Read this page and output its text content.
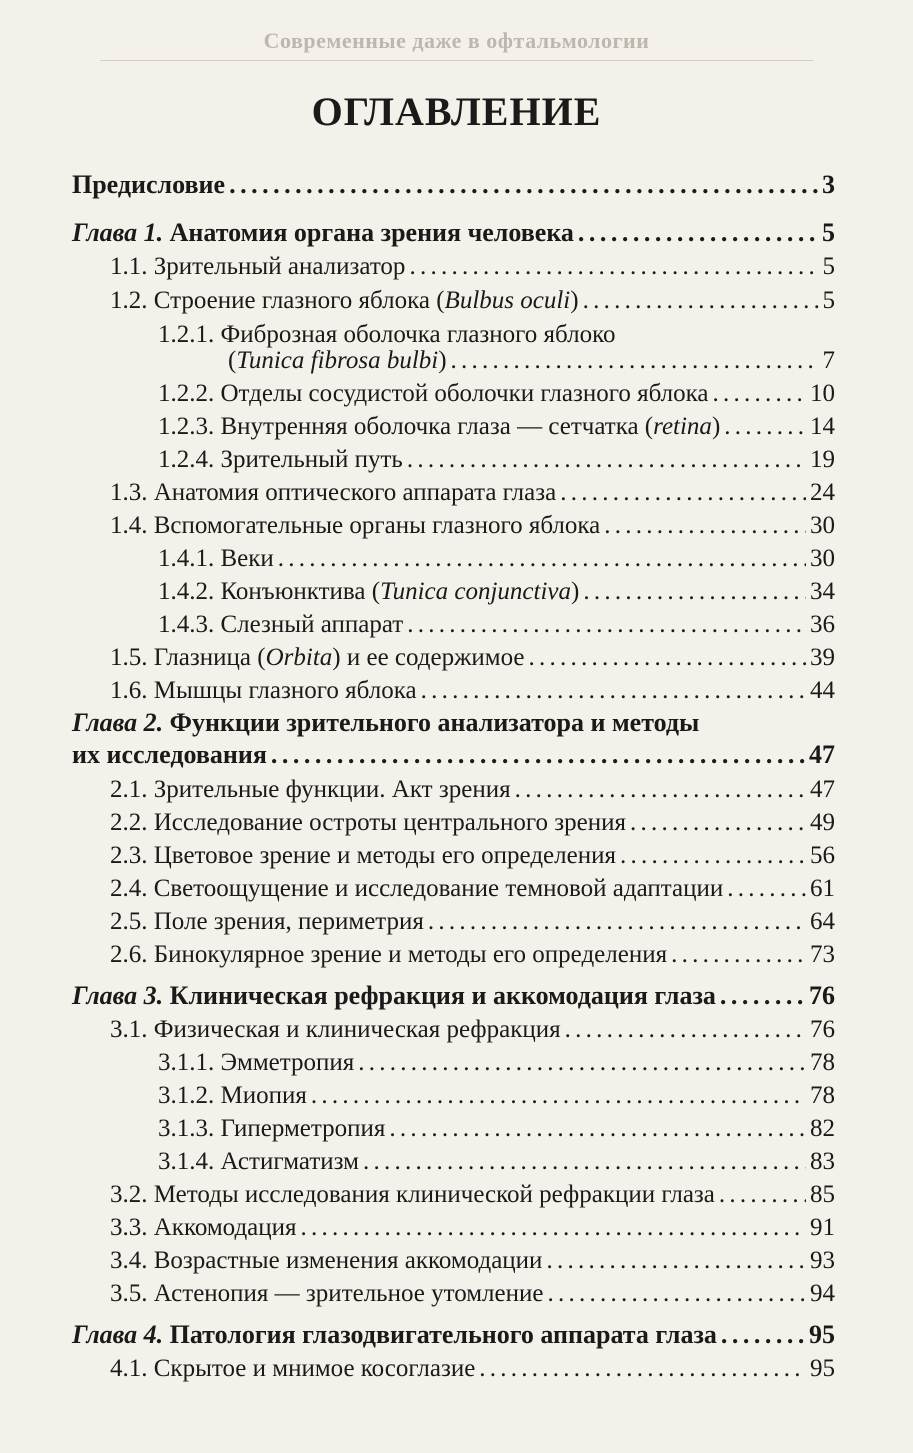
Современные даже в офтальмологии
ОГЛАВЛЕНИЕ
Предисловие . . .	3
Глава 1. Анатомия органа зрения человека . . .	5
1.1. Зрительный анализатор . . .	5
1.2. Строение глазного яблока (Bulbus oculi) . . .	5
1.2.1. Фиброзная оболочка глазного яблоко
(Tunica fibrosa bulbi) . . .	7
1.2.2. Отделы сосудистой оболочки глазного яблока . . .	10
1.2.3. Внутренняя оболочка глаза — сетчатка (retina) . . .	14
1.2.4. Зрительный путь . . .	19
1.3. Анатомия оптического аппарата глаза . . .	24
1.4. Вспомогательные органы глазного яблока . . .	30
1.4.1. Веки . . .	30
1.4.2. Конъюнктива (Tunica conjunctiva) . . .	34
1.4.3. Слезный аппарат . . .	36
1.5. Глазница (Orbita) и ее содержимое . . .	39
1.6. Мышцы глазного яблока . . .	44
Глава 2. Функции зрительного анализатора и методы
их исследования . . .	47
2.1. Зрительные функции. Акт зрения . . .	47
2.2. Исследование остроты центрального зрения . . .	49
2.3. Цветовое зрение и методы его определения . . .	56
2.4. Светоощущение и исследование темновой адаптации . . .	61
2.5. Поле зрения, периметрия . . .	64
2.6. Бинокулярное зрение и методы его определения . . .	73
Глава 3. Клиническая рефракция и аккомодация глаза . . .	76
3.1. Физическая и клиническая рефракция . . .	76
3.1.1. Эмметропия . . .	78
3.1.2. Миопия . . .	78
3.1.3. Гиперметропия . . .	82
3.1.4. Астигматизм . . .	83
3.2. Методы исследования клинической рефракции глаза . . .	85
3.3. Аккомодация . . .	91
3.4. Возрастные изменения аккомодации . . .	93
3.5. Астенопия — зрительное утомление . . .	94
Глава 4. Патология глазодвигательного аппарата глаза . . .	95
4.1. Скрытое и мнимое косоглазие . . .	95
